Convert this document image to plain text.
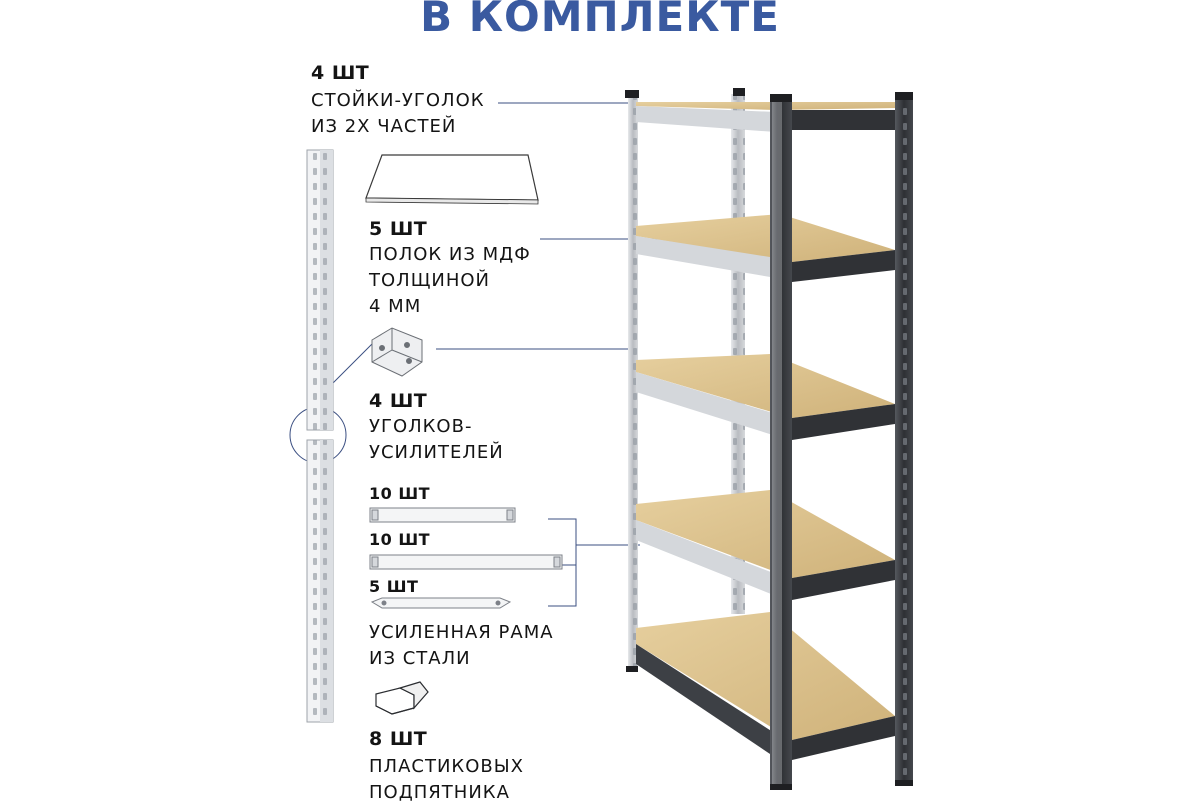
В КОМПЛЕКТЕ
4 ШТ
СТОЙКИ-УГОЛОК
ИЗ 2Х ЧАСТЕЙ
5 ШТ
ПОЛОК ИЗ МДФ
ТОЛЩИНОЙ
4 ММ
4 ШТ
УГОЛКОВ-
УСИЛИТЕЛЕЙ
10 ШТ
10 ШТ
5 ШТ
УСИЛЕННАЯ РАМА
ИЗ СТАЛИ
8 ШТ
ПЛАСТИКОВЫХ
ПОДПЯТНИКА
